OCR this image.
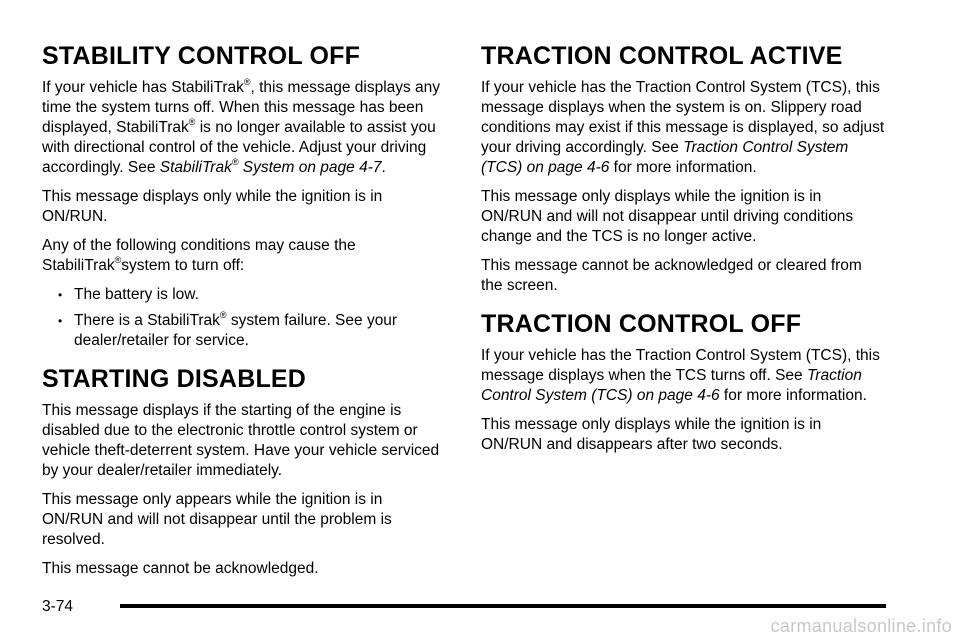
STABILITY CONTROL OFF

If your vehicle has StabiliTrak®, this message displays any time the system turns off. When this message has been displayed, StabiliTrak® is no longer available to assist you with directional control of the vehicle. Adjust your driving accordingly. See StabiliTrak® System on page 4-7.

This message displays only while the ignition is in ON/RUN.

Any of the following conditions may cause the StabiliTrak®system to turn off:

• The battery is low.
• There is a StabiliTrak® system failure. See your dealer/retailer for service.
STARTING DISABLED

This message displays if the starting of the engine is disabled due to the electronic throttle control system or vehicle theft-deterrent system. Have your vehicle serviced by your dealer/retailer immediately.

This message only appears while the ignition is in ON/RUN and will not disappear until the problem is resolved.

This message cannot be acknowledged.

TRACTION CONTROL ACTIVE

If your vehicle has the Traction Control System (TCS), this message displays when the system is on. Slippery road conditions may exist if this message is displayed, so adjust your driving accordingly. See Traction Control System (TCS) on page 4-6 for more information.

This message only displays while the ignition is in ON/RUN and will not disappear until driving conditions change and the TCS is no longer active.

This message cannot be acknowledged or cleared from the screen.

TRACTION CONTROL OFF

If your vehicle has the Traction Control System (TCS), this message displays when the TCS turns off. See Traction Control System (TCS) on page 4-6 for more information.

This message only displays while the ignition is in ON/RUN and disappears after two seconds.

3-74
carmanualsonline.info
